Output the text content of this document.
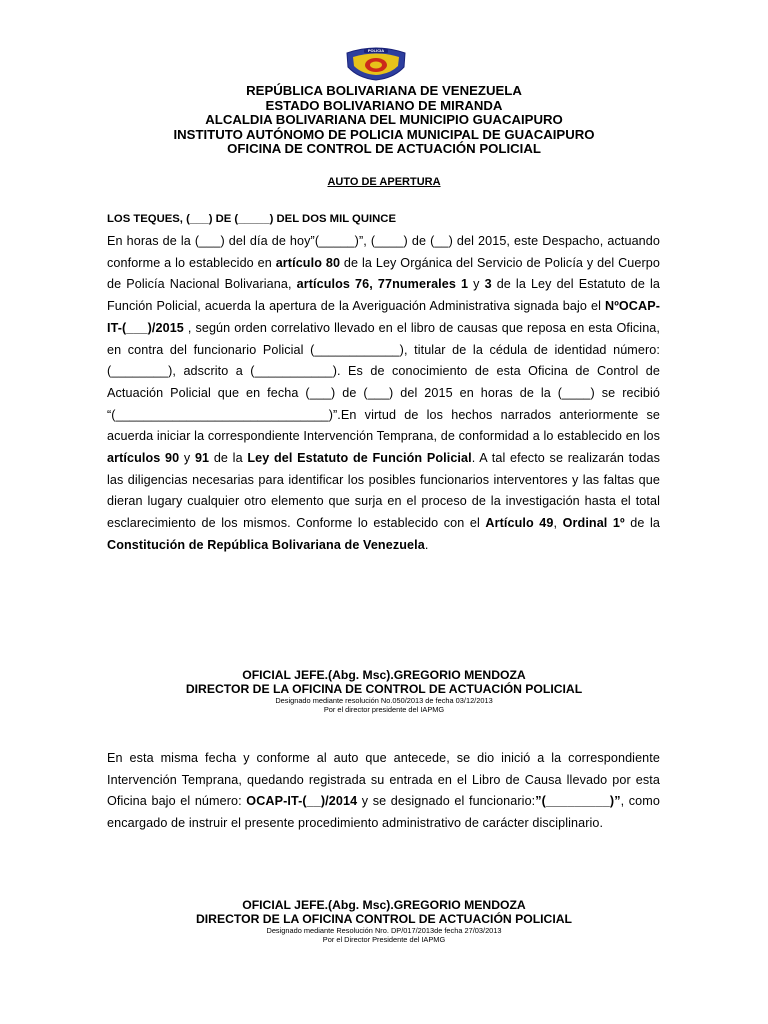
POLICIA
REPÚBLICA BOLIVARIANA DE VENEZUELA
ESTADO BOLIVARIANO DE MIRANDA
ALCALDIA BOLIVARIANA DEL MUNICIPIO GUACAIPURO
INSTITUTO AUTÓNOMO DE POLICIA MUNICIPAL DE GUACAIPURO
OFICINA DE CONTROL DE ACTUACIÓN POLICIAL
AUTO DE APERTURA
LOS TEQUES, (___) DE (_____) DEL DOS MIL QUINCE
En horas de la (___) del día de hoy”(_____)”, (____) de (__) del 2015, este Despacho, actuando conforme a lo establecido en artículo 80 de la Ley Orgánica del Servicio de Policía y del Cuerpo de Policía Nacional Bolivariana, artículos 76, 77numerales 1 y 3 de la Ley del Estatuto de la Función Policial, acuerda la apertura de la Averiguación Administrativa signada bajo el NºOCAP-IT-(___)/2015 , según orden correlativo llevado en el libro de causas que reposa en esta Oficina, en contra del funcionario Policial (____________), titular de la cédula de identidad número: (________), adscrito a (___________). Es de conocimiento de esta Oficina de Control de Actuación Policial que en fecha (___) de (___) del 2015 en horas de la (____) se recibió “(______________________________)”.En virtud de los hechos narrados anteriormente se acuerda iniciar la correspondiente Intervención Temprana, de conformidad a lo establecido en los artículos 90 y 91 de la Ley del Estatuto de Función Policial. A tal efecto se realizarán todas las diligencias necesarias para identificar los posibles funcionarios interventores y las faltas que dieran lugary cualquier otro elemento que surja en el proceso de la investigación hasta el total esclarecimiento de los mismos. Conforme lo establecido con el Artículo 49, Ordinal 1º de la Constitución de República Bolivariana de Venezuela.
OFICIAL JEFE.(Abg. Msc).GREGORIO MENDOZA
DIRECTOR DE LA OFICINA DE CONTROL DE ACTUACIÓN POLICIAL
Designado mediante resolución No.050/2013 de fecha 03/12/2013
Por el director presidente del IAPMG
En esta misma fecha y conforme al auto que antecede, se dio inició a la correspondiente Intervención Temprana, quedando registrada su entrada en el Libro de Causa llevado por esta Oficina bajo el número: OCAP-IT-(__)/2014 y se designado el funcionario:”(_________)”, como encargado de instruir el presente procedimiento administrativo de carácter disciplinario.
OFICIAL JEFE.(Abg. Msc).GREGORIO MENDOZA
DIRECTOR DE LA OFICINA CONTROL DE ACTUACIÓN POLICIAL
Designado mediante Resolución Nro. DP/017/2013de fecha 27/03/2013
Por el Director Presidente del IAPMG
